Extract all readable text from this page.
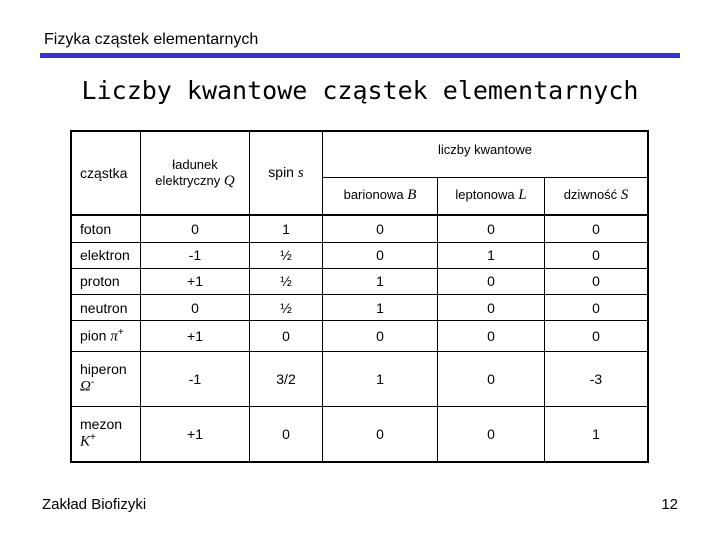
Fizyka cząstek elementarnych
Liczby kwantowe cząstek elementarnych
cząstka	ładunek elektryczny Q	spin s	liczby kwantowe		
			barionowa B	leptonowa L	dziwność S
foton	0	1	0	0	0
elektron	-1	½	0	1	0
proton	+1	½	1	0	0
neutron	0	½	1	0	0
pion π+	+1	0	0	0	0
hiperon Ω-	-1	3/2	1	0	-3
mezon K+	+1	0	0	0	1
Zakład Biofizyki	12
